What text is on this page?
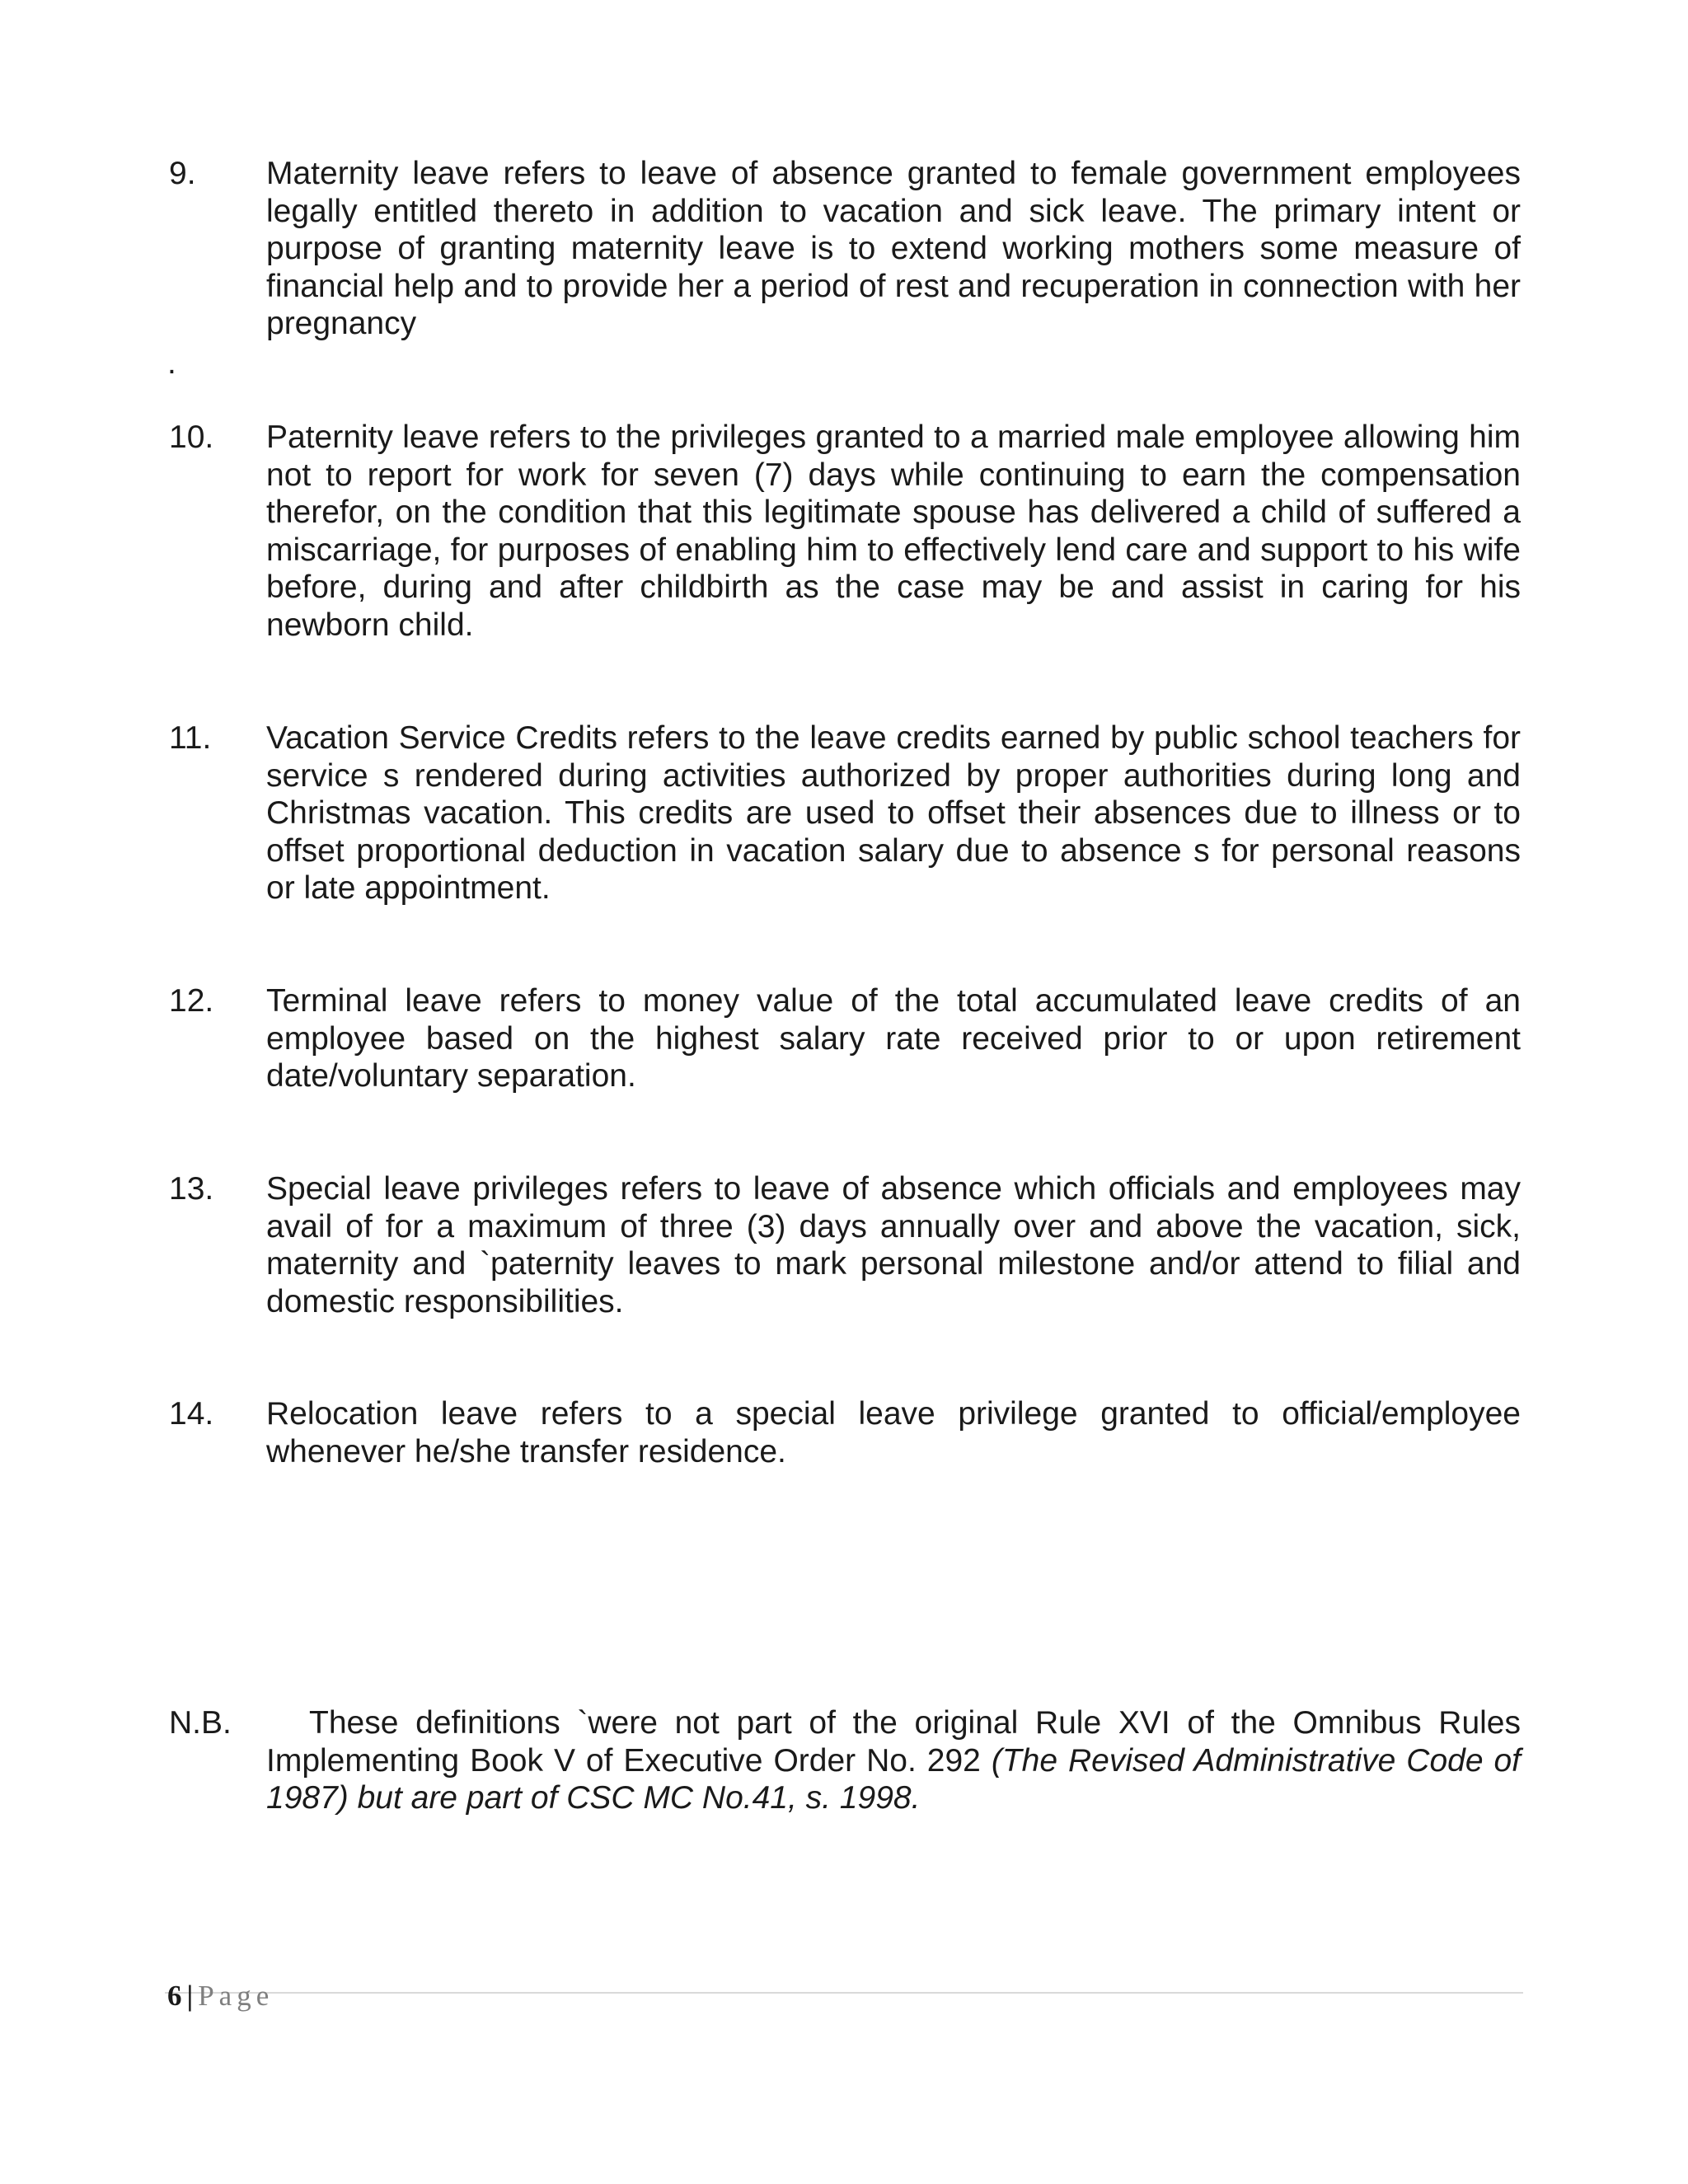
9.	Maternity leave refers to leave of absence granted to female government employees legally entitled thereto in addition to vacation and sick leave. The primary intent or purpose of granting maternity leave is to extend working mothers some measure of financial help and to provide her a period of rest and recuperation in connection with her pregnancy
.
10.	Paternity leave refers to the privileges granted to a married male employee allowing him not to report for work for seven (7) days while continuing to earn the compensation therefor, on the condition that this legitimate spouse has delivered a child of suffered a miscarriage, for purposes of enabling him to effectively lend care and support to his wife before, during and after childbirth as the case may be and assist in caring for his newborn child.
11.	Vacation Service Credits refers to the leave credits earned by public school teachers for service s rendered during activities authorized by proper authorities during long and Christmas vacation. This credits are used to offset their absences due to illness or to offset proportional deduction in vacation salary due to absence s for personal reasons or late appointment.
12.	Terminal leave refers to money value of the total accumulated leave credits of an employee based on the highest salary rate received prior to or upon retirement date/voluntary separation.
13.	Special leave privileges refers to leave of absence which officials and employees may avail of for a maximum of three (3) days annually over and above the vacation, sick, maternity and `paternity leaves to mark personal milestone and/or attend to filial and domestic responsibilities.
14.	Relocation leave refers to a special leave privilege granted to official/employee whenever he/she transfer residence.
N.B.	These definitions `were not part of the original Rule XVI of the Omnibus Rules Implementing Book V of Executive Order No. 292 (The Revised Administrative Code of 1987) but are part of CSC MC No.41, s. 1998.
6 | Page
